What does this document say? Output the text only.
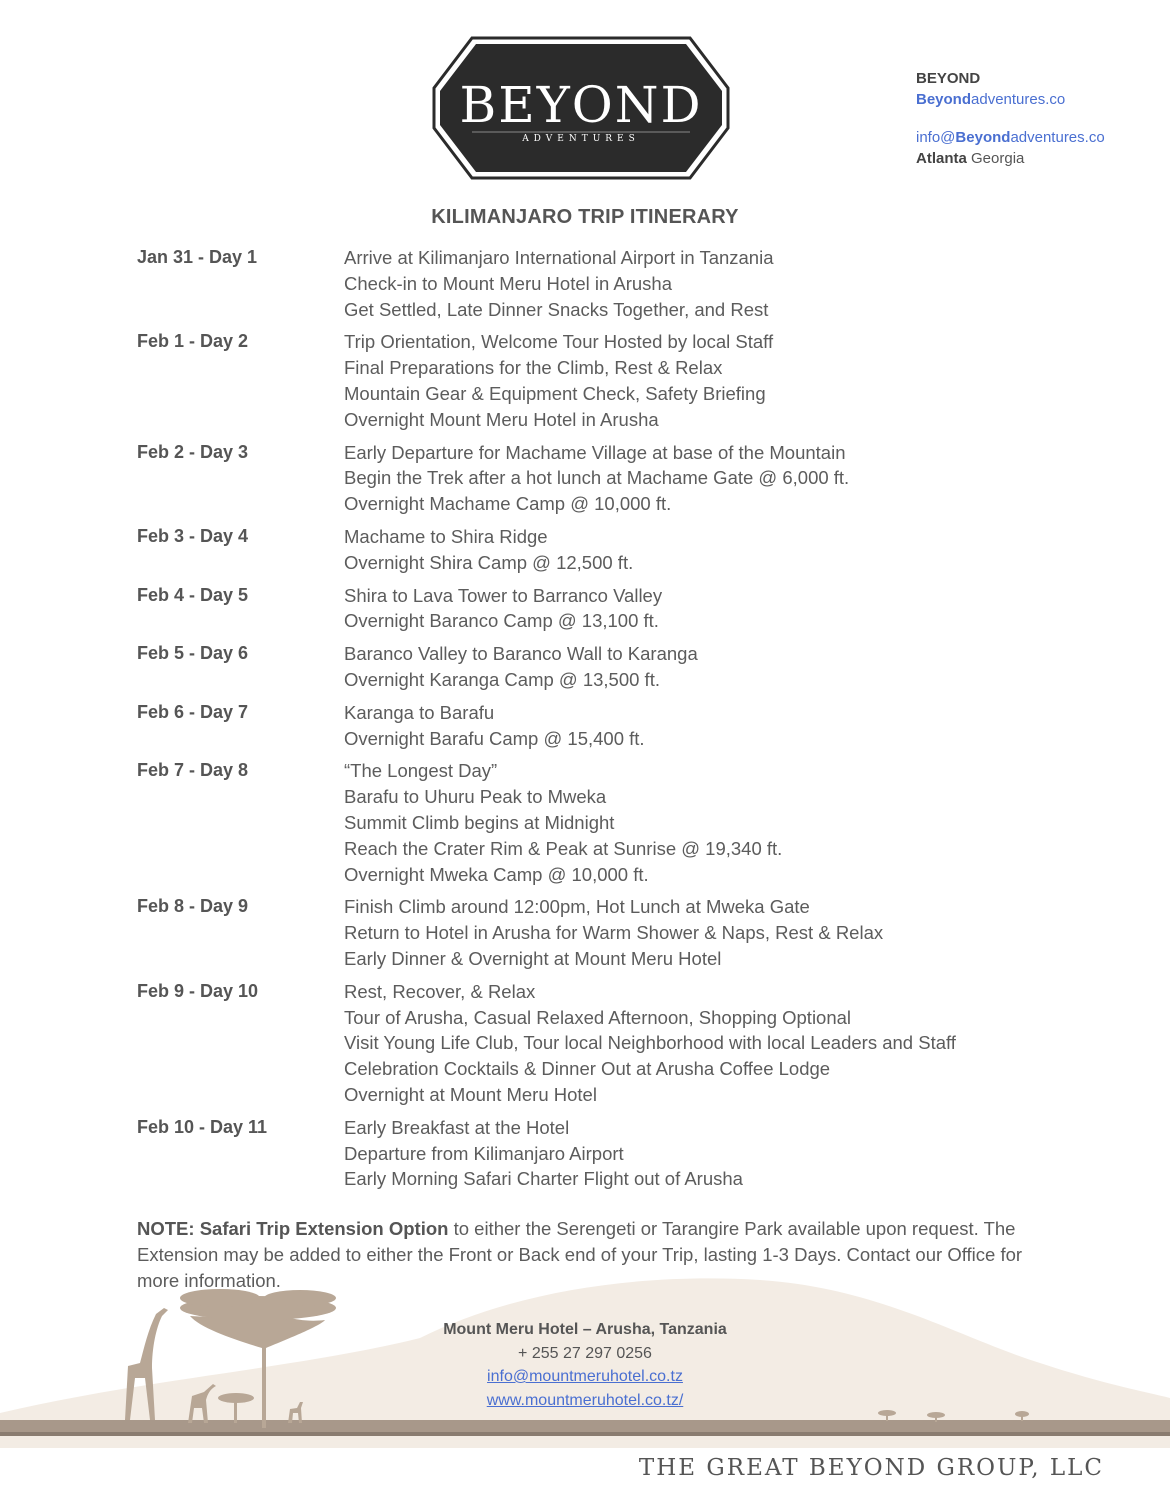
BEYOND
ADVENTURES
BEYOND
Beyondadventures.co
info@Beyondadventures.co
Atlanta Georgia
KILIMANJARO TRIP ITINERARY
Jan 31 - Day 1	Arrive at Kilimanjaro International Airport in Tanzania
Check-in to Mount Meru Hotel in Arusha
Get Settled, Late Dinner Snacks Together, and Rest
Feb 1 - Day 2	Trip Orientation, Welcome Tour Hosted by local Staff
Final Preparations for the Climb, Rest & Relax
Mountain Gear & Equipment Check, Safety Briefing
Overnight Mount Meru Hotel in Arusha
Feb 2 - Day 3	Early Departure for Machame Village at base of the Mountain
Begin the Trek after a hot lunch at Machame Gate @ 6,000 ft.
Overnight Machame Camp @ 10,000 ft.
Feb 3 - Day 4	Machame to Shira Ridge
Overnight Shira Camp @ 12,500 ft.
Feb 4 - Day 5	Shira to Lava Tower to Barranco Valley
Overnight Baranco Camp @ 13,100 ft.
Feb 5 - Day 6	Baranco Valley to Baranco Wall to Karanga
Overnight Karanga Camp @ 13,500 ft.
Feb 6 - Day 7	Karanga to Barafu
Overnight Barafu Camp @ 15,400 ft.
Feb 7 - Day 8	“The Longest Day”
Barafu to Uhuru Peak to Mweka
Summit Climb begins at Midnight
Reach the Crater Rim & Peak at Sunrise @ 19,340 ft.
Overnight Mweka Camp @ 10,000 ft.
Feb 8 - Day 9	Finish Climb around 12:00pm, Hot Lunch at Mweka Gate
Return to Hotel in Arusha for Warm Shower & Naps, Rest & Relax
Early Dinner & Overnight at Mount Meru Hotel
Feb 9 - Day 10	Rest, Recover, & Relax
Tour of Arusha, Casual Relaxed Afternoon, Shopping Optional
Visit Young Life Club, Tour local Neighborhood with local Leaders and Staff
Celebration Cocktails & Dinner Out at Arusha Coffee Lodge
Overnight at Mount Meru Hotel
Feb 10 - Day 11	Early Breakfast at the Hotel
Departure from Kilimanjaro Airport
Early Morning Safari Charter Flight out of Arusha
NOTE: Safari Trip Extension Option to either the Serengeti or Tarangire Park available upon request. The Extension may be added to either the Front or Back end of your Trip, lasting 1-3 Days. Contact our Office for more information.
Mount Meru Hotel – Arusha, Tanzania
+ 255 27 297 0256
info@mountmeruhotel.co.tz
www.mountmeruhotel.co.tz/
THE GREAT BEYOND GROUP, LLC
